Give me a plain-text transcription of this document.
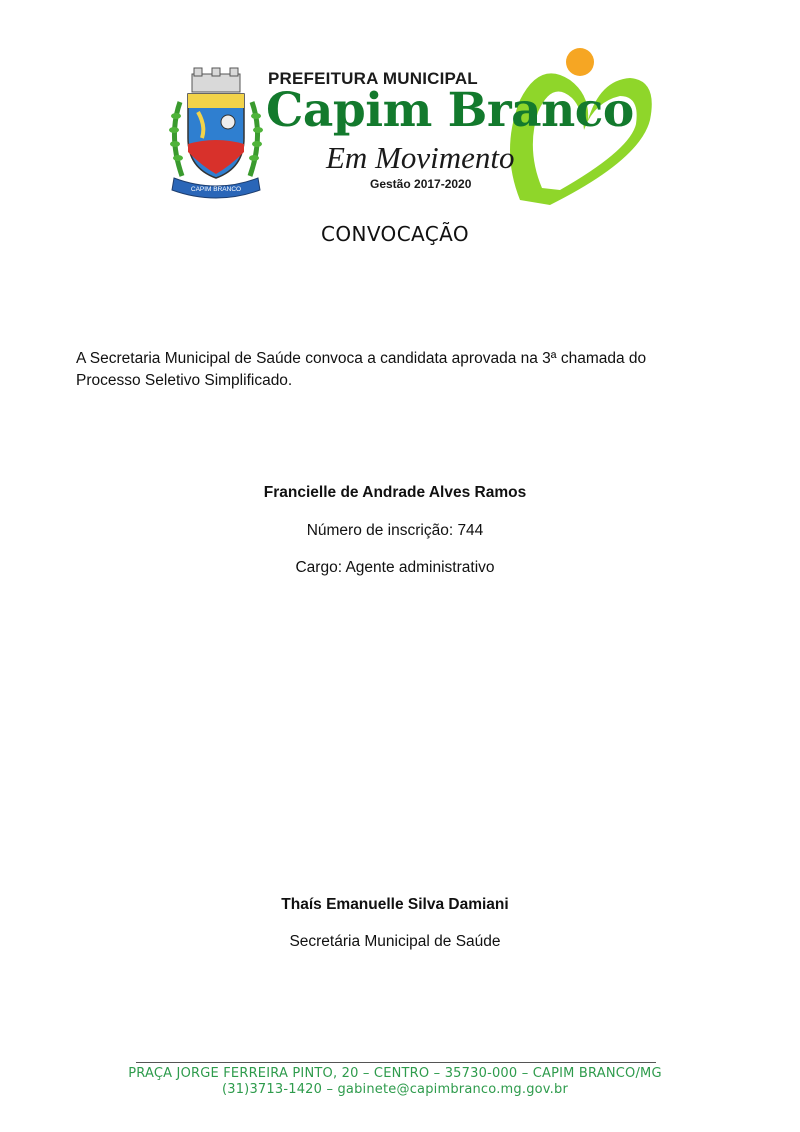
CAPIM BRANCO
PREFEITURA MUNICIPAL
Capim Branco
Em Movimento
Gestão 2017-2020
CONVOCAÇÃO
A Secretaria Municipal de Saúde convoca a candidata aprovada na 3ª chamada do Processo Seletivo Simplificado.
Francielle de Andrade Alves Ramos
Número de inscrição: 744
Cargo: Agente administrativo
Thaís Emanuelle Silva Damiani
Secretária Municipal de Saúde
PRAÇA JORGE FERREIRA PINTO, 20 – CENTRO – 35730-000 – CAPIM BRANCO/MG
(31)3713-1420 – gabinete@capimbranco.mg.gov.br
